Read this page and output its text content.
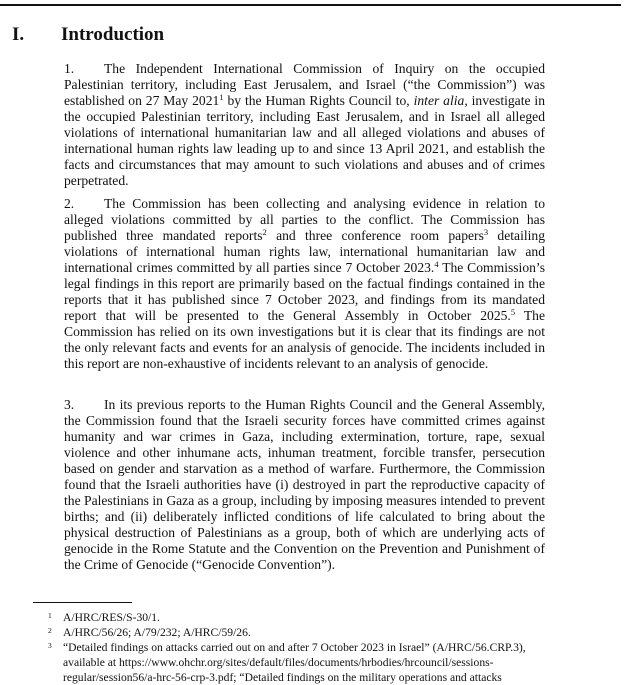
I. Introduction

1. The Independent International Commission of Inquiry on the occupied Palestinian territory, including East Jerusalem, and Israel (“the Commission”) was established on 27 May 2021$^1$ by the Human Rights Council to, inter alia, investigate in the occupied Palestinian territory, including East Jerusalem, and in Israel all alleged violations of international humanitarian law and all alleged violations and abuses of international human rights law leading up to and since 13 April 2021, and establish the facts and circumstances that may amount to such violations and abuses and of crimes perpetrated.

2. The Commission has been collecting and analysing evidence in relation to alleged violations committed by all parties to the conflict. The Commission has published three mandated reports$^2$ and three conference room papers$^3$ detailing violations of international human rights law, international humanitarian law and international crimes committed by all parties since 7 October 2023.$^4$ The Commission’s legal findings in this report are primarily based on the factual findings contained in the reports that it has published since 7 October 2023, and findings from its mandated report that will be presented to the General Assembly in October 2025.$^5$ The Commission has relied on its own investigations but it is clear that its findings are not the only relevant facts and events for an analysis of genocide. The incidents included in this report are non-exhaustive of incidents relevant to an analysis of genocide.

3. In its previous reports to the Human Rights Council and the General Assembly, the Commission found that the Israeli security forces have committed crimes against humanity and war crimes in Gaza, including extermination, torture, rape, sexual violence and other inhumane acts, inhuman treatment, forcible transfer, persecution based on gender and starvation as a method of warfare. Furthermore, the Commission found that the Israeli authorities have (i) destroyed in part the reproductive capacity of the Palestinians in Gaza as a group, including by imposing measures intended to prevent births; and (ii) deliberately inflicted conditions of life calculated to bring about the physical destruction of Palestinians as a group, both of which are underlying acts of genocide in the Rome Statute and the Convention on the Prevention and Punishment of the Crime of Genocide (“Genocide Convention”).

1 A/HRC/RES/S-30/1.

2 A/HRC/56/26; A/79/232; A/HRC/59/26.

3 “Detailed findings on attacks carried out on and after 7 October 2023 in Israel” (A/HRC/56.CRP.3), available at https://www.ohchr.org/sites/default/files/documents/hrbodies/hrcouncil/sessions-regular/session56/a-hrc-56-crp-3.pdf; “Detailed findings on the military operations and attacks
